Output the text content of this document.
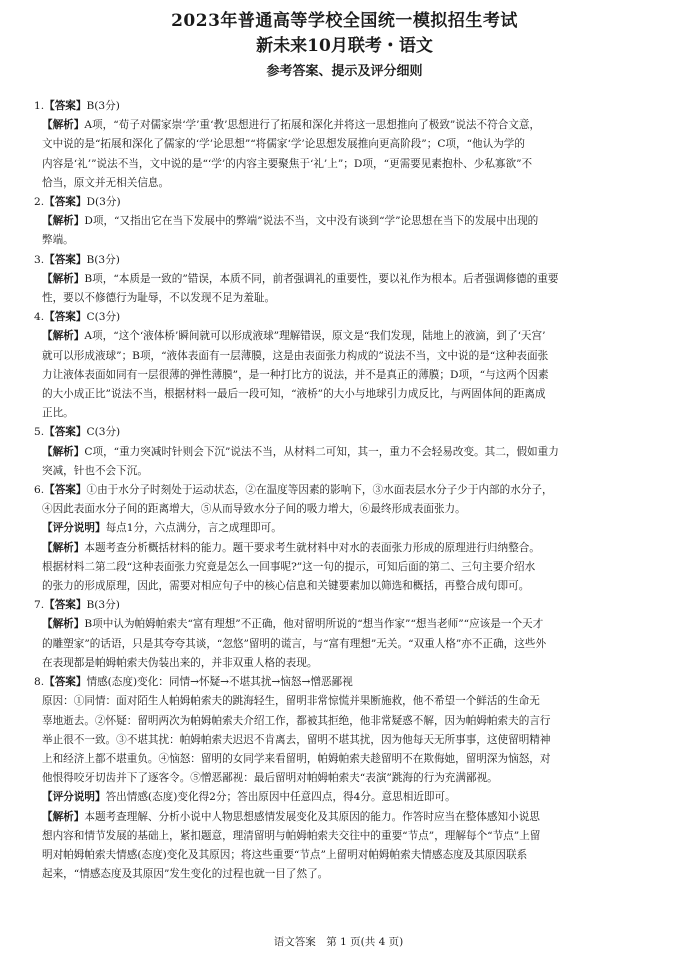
2023年普通高等学校全国统一模拟招生考试
新未来10月联考・语文
参考答案、提示及评分细则
1.【答案】B(3分)
【解析】A项，“荀子对儒家崇‘学’重‘教’思想进行了拓展和深化并将这一思想推向了极致”说法不符合文意，
文中说的是“拓展和深化了儒家的‘学’论思想”“将儒家‘学’论思想发展推向更高阶段”；C项，“他认为学的
内容是‘礼’”说法不当，文中说的是“‘学’的内容主要聚焦于‘礼’上”；D项，“更需要见素抱朴、少私寡欲”不
恰当，原文并无相关信息。
2.【答案】D(3分)
【解析】D项，“又指出它在当下发展中的弊端”说法不当，文中没有谈到“学”论思想在当下的发展中出现的
弊端。
3.【答案】B(3分)
【解析】B项，“本质是一致的”错误，本质不同，前者强调礼的重要性，要以礼作为根本。后者强调修德的重要
性，要以不修德行为耻辱，不以发现不足为羞耻。
4.【答案】C(3分)
【解析】A项，“这个‘液体桥’瞬间就可以形成液球”理解错误，原文是“我们发现，陆地上的液滴，到了‘天宫’
就可以形成液球”；B项，“液体表面有一层薄膜，这是由表面张力构成的”说法不当，文中说的是“这种表面张
力让液体表面如同有一层很薄的弹性薄膜”，是一种打比方的说法，并不是真正的薄膜；D项，“与这两个因素
的大小成正比”说法不当，根据材料一最后一段可知，“液桥”的大小与地球引力成反比，与两固体间的距离成
正比。
5.【答案】C(3分)
【解析】C项，“重力突减时针则会下沉”说法不当，从材料二可知，其一，重力不会轻易改变。其二，假如重力
突减，针也不会下沉。
6.【答案】①由于水分子时刻处于运动状态，②在温度等因素的影响下，③水面表层水分子少于内部的水分子，
④因此表面水分子间的距离增大，⑤从而导致水分子间的吸力增大，⑥最终形成表面张力。
【评分说明】每点1分，六点满分，言之成理即可。
【解析】本题考查分析概括材料的能力。题干要求考生就材料中对水的表面张力形成的原理进行归纳整合。
根据材料二第二段“这种表面张力究竟是怎么一回事呢?”这一句的提示，可知后面的第二、三句主要介绍水
的张力的形成原理，因此，需要对相应句子中的核心信息和关键要素加以筛选和概括，再整合成句即可。
7.【答案】B(3分)
【解析】B项中认为帕姆帕索夫“富有理想”不正确，他对留明所说的“想当作家”“想当老师”“应该是一个天才
的雕塑家”的话语，只是其夸夸其谈，“忽悠”留明的谎言，与“富有理想”无关。“双重人格”亦不正确，这些外
在表现都是帕姆帕索夫伪装出来的，并非双重人格的表现。
8.【答案】情感(态度)变化：同情→怀疑→不堪其扰→恼怒→憎恶鄙视
原因：①同情：面对陌生人帕姆帕索夫的跳海轻生，留明非常惊慌并果断施救，他不希望一个鲜活的生命无
辜地逝去。②怀疑：留明两次为帕姆帕索夫介绍工作，都被其拒绝，他非常疑惑不解，因为帕姆帕索夫的言行
举止很不一致。③不堪其扰：帕姆帕索夫迟迟不肯离去，留明不堪其扰，因为他每天无所事事，这使留明精神
上和经济上都不堪重负。④恼怒：留明的女同学来看留明，帕姆帕索夫趁留明不在欺侮她，留明深为恼怒，对
他恨得咬牙切齿并下了逐客令。⑤憎恶鄙视：最后留明对帕姆帕索夫“表演”跳海的行为充满鄙视。
【评分说明】答出情感(态度)变化得2分；答出原因中任意四点，得4分。意思相近即可。
【解析】本题考查理解、分析小说中人物思想感情发展变化及其原因的能力。作答时应当在整体感知小说思
想内容和情节发展的基础上，紧扣题意，理清留明与帕姆帕索夫交往中的重要“节点”，理解每个“节点”上留
明对帕姆帕索夫情感(态度)变化及其原因；将这些重要“节点”上留明对帕姆帕索夫情感态度及其原因联系
起来，“情感态度及其原因”发生变化的过程也就一目了然了。
语文答案　第 1 页(共 4 页)
